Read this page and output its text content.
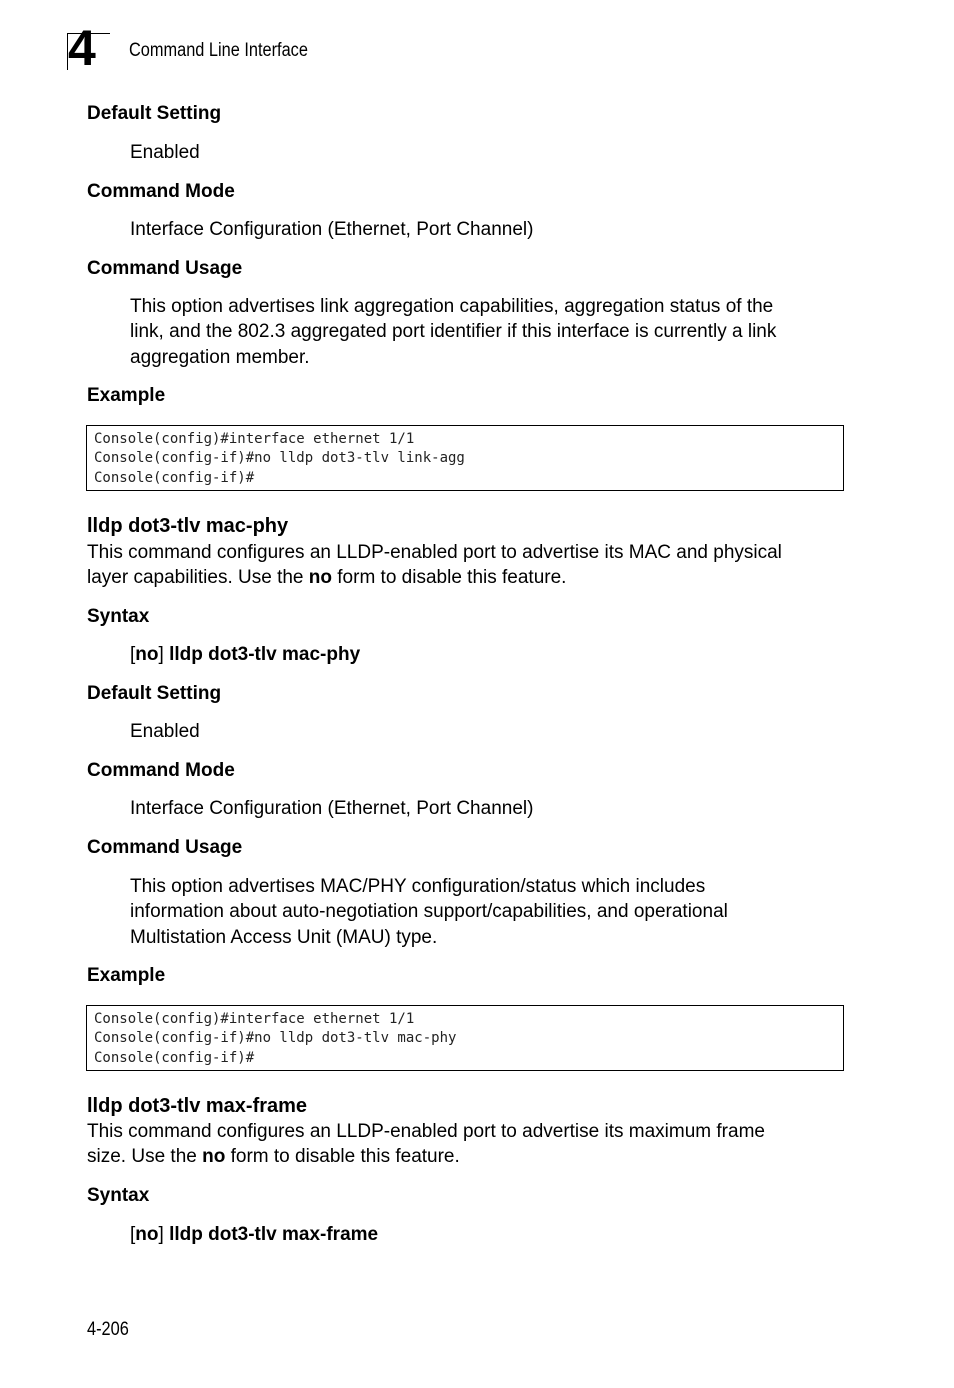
4 Command Line Interface
Default Setting
Enabled
Command Mode
Interface Configuration (Ethernet, Port Channel)
Command Usage
This option advertises link aggregation capabilities, aggregation status of the
link, and the 802.3 aggregated port identifier if this interface is currently a link
aggregation member.
Example
Console(config)#interface ethernet 1/1
Console(config-if)#no lldp dot3-tlv link-agg
Console(config-if)#
lldp dot3-tlv mac-phy
This command configures an LLDP-enabled port to advertise its MAC and physical
layer capabilities. Use the no form to disable this feature.
Syntax
[no] lldp dot3-tlv mac-phy
Default Setting
Enabled
Command Mode
Interface Configuration (Ethernet, Port Channel)
Command Usage
This option advertises MAC/PHY configuration/status which includes
information about auto-negotiation support/capabilities, and operational
Multistation Access Unit (MAU) type.
Example
Console(config)#interface ethernet 1/1
Console(config-if)#no lldp dot3-tlv mac-phy
Console(config-if)#
lldp dot3-tlv max-frame
This command configures an LLDP-enabled port to advertise its maximum frame
size. Use the no form to disable this feature.
Syntax
[no] lldp dot3-tlv max-frame
4-206
